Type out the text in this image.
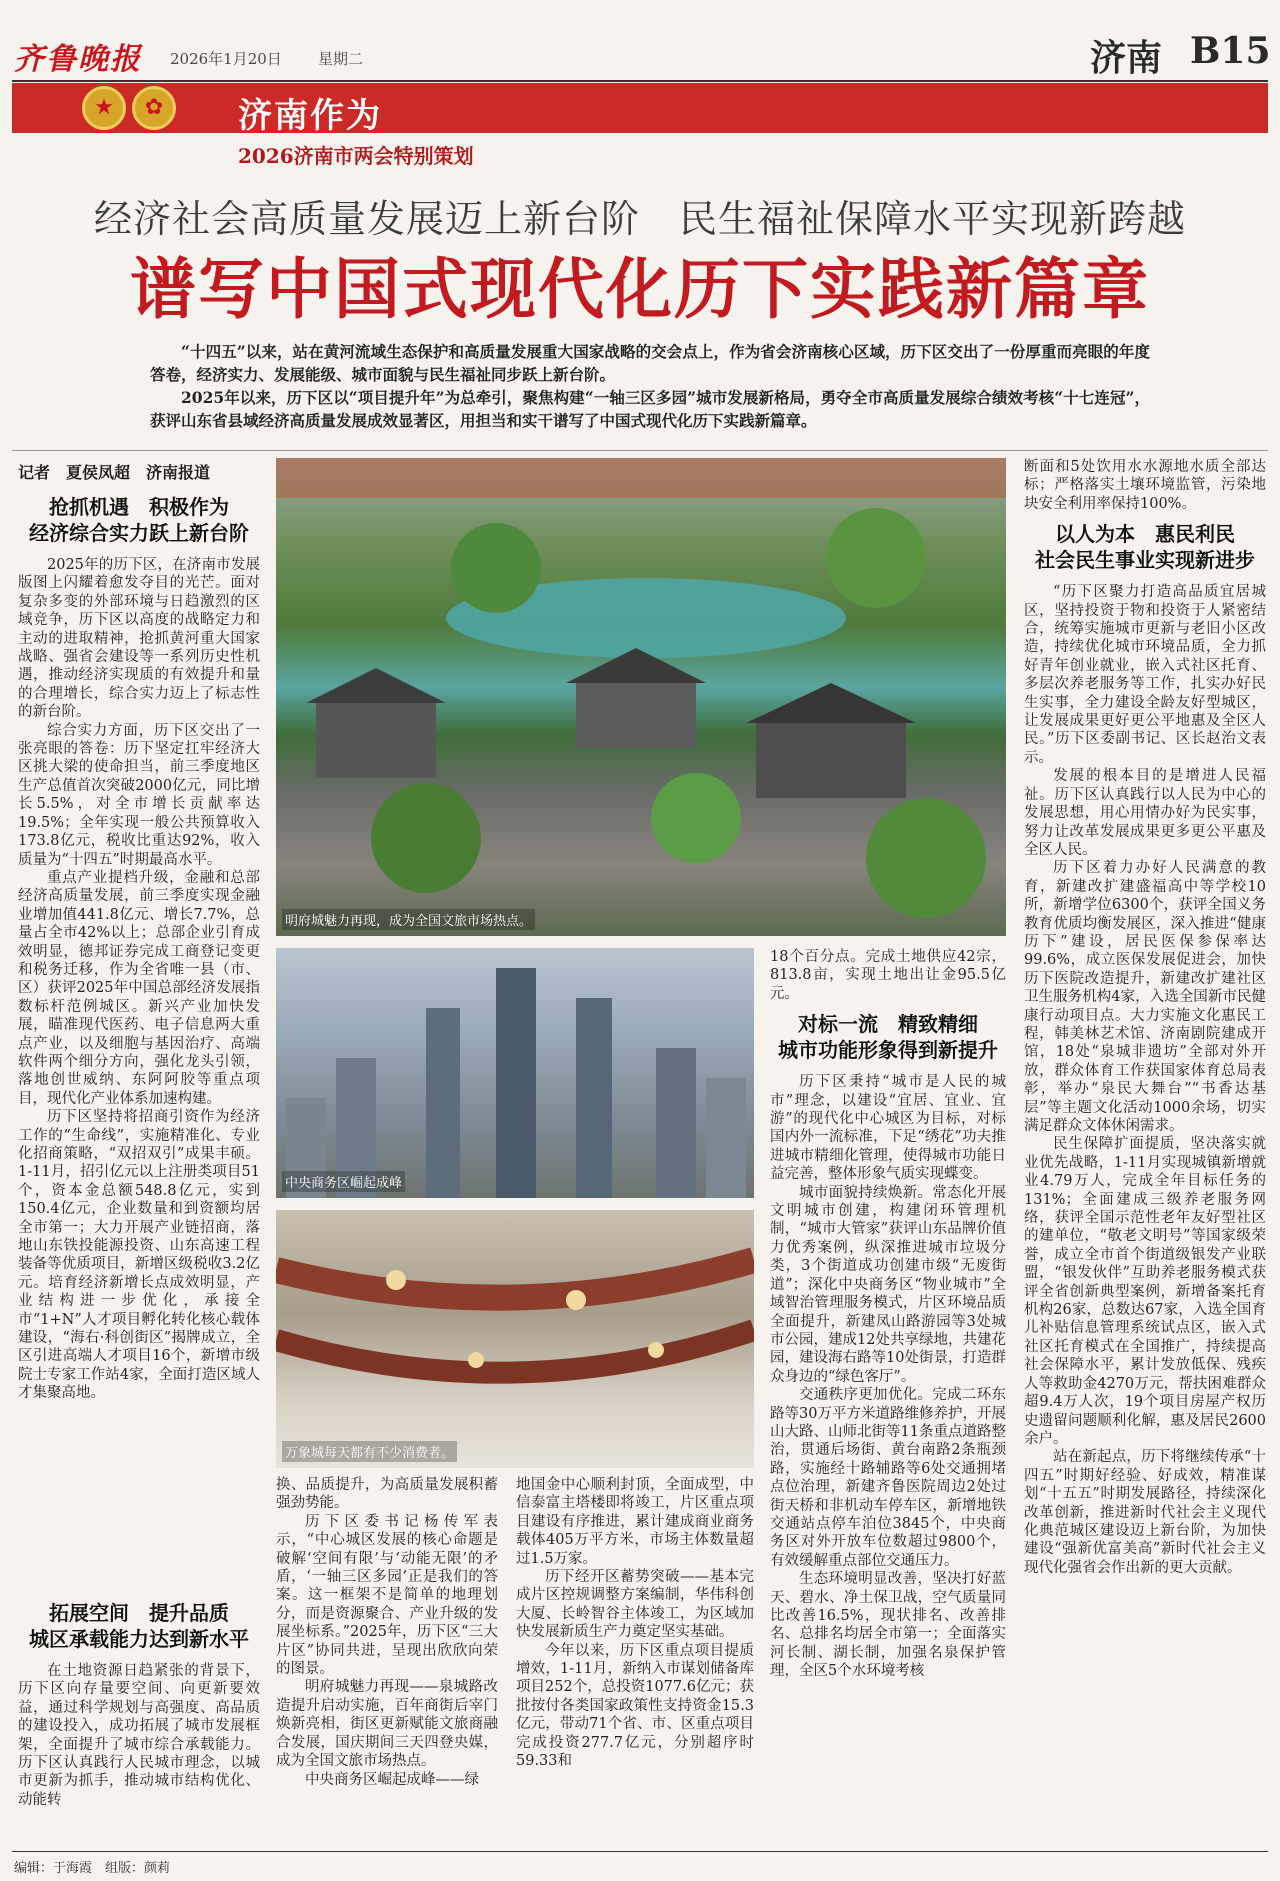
齐鲁晚报 2026年1月20日 星期二	济南 B15
★	✿ 济南作为
2026济南市两会特别策划
经济社会高质量发展迈上新台阶　民生福祉保障水平实现新跨越
谱写中国式现代化历下实践新篇章

“十四五”以来，站在黄河流域生态保护和高质量发展重大国家战略的交会点上，作为省会济南核心区域，历下区交出了一份厚重而亮眼的年度答卷，经济实力、发展能级、城市面貌与民生福祉同步跃上新台阶。

2025年以来，历下区以“项目提升年”为总牵引，聚焦构建“一轴三区多园”城市发展新格局，勇夺全市高质量发展综合绩效考核“十七连冠”，获评山东省县域经济高质量发展成效显著区，用担当和实干谱写了中国式现代化历下实践新篇章。

记者　夏侯凤超　济南报道

抢抓机遇　积极作为
经济综合实力跃上新台阶

2025年的历下区，在济南市发展版图上闪耀着愈发夺目的光芒。面对复杂多变的外部环境与日趋激烈的区域竞争，历下区以高度的战略定力和主动的进取精神，抢抓黄河重大国家战略、强省会建设等一系列历史性机遇，推动经济实现质的有效提升和量的合理增长，综合实力迈上了标志性的新台阶。

综合实力方面，历下区交出了一张亮眼的答卷：历下坚定扛牢经济大区挑大梁的使命担当，前三季度地区生产总值首次突破2000亿元，同比增长5.5%，对全市增长贡献率达19.5%；全年实现一般公共预算收入173.8亿元，税收比重达92%，收入质量为“十四五”时期最高水平。

重点产业提档升级，金融和总部经济高质量发展，前三季度实现金融业增加值441.8亿元、增长7.7%，总量占全市42%以上；总部企业引育成效明显，德邦证券完成工商登记变更和税务迁移，作为全省唯一县（市、区）获评2025年中国总部经济发展指数标杆范例城区。新兴产业加快发展，瞄准现代医药、电子信息两大重点产业，以及细胞与基因治疗、高端软件两个细分方向，强化龙头引领，落地创世威纳、东阿阿胶等重点项目，现代化产业体系加速构建。

历下区坚持将招商引资作为经济工作的“生命线”，实施精准化、专业化招商策略，“双招双引”成果丰硕。1-11月，招引亿元以上注册类项目51个，资本金总额548.8亿元，实到150.4亿元，企业数量和到资额均居全市第一；大力开展产业链招商，落地山东铁投能源投资、山东高速工程装备等优质项目，新增区级税收3.2亿元。培育经济新增长点成效明显，产业结构进一步优化，承接全市“1+N”人才项目孵化转化核心载体建设，“海右·科创街区”揭牌成立，全区引进高端人才项目16个，新增市级院士专家工作站4家，全面打造区域人才集聚高地。

拓展空间　提升品质
城区承载能力达到新水平

在土地资源日趋紧张的背景下，历下区向存量要空间、向更新要效益，通过科学规划与高强度、高品质的建设投入，成功拓展了城市发展框架，全面提升了城市综合承载能力。历下区认真践行人民城市理念，以城市更新为抓手，推动城市结构优化、动能转

明府城魅力再现，成为全国文旅市场热点。
中央商务区崛起成峰
万象城每天都有不少消费者。

换、品质提升，为高质量发展积蓄强劲势能。

历下区委书记杨传军表示，“中心城区发展的核心命题是破解‘空间有限’与‘动能无限’的矛盾，‘一轴三区多园’正是我们的答案。这一框架不是简单的地理划分，而是资源聚合、产业升级的发展坐标系。”2025年，历下区“三大片区”协同共进，呈现出欣欣向荣的图景。

明府城魅力再现——泉城路改造提升启动实施，百年商街后宰门焕新亮相，街区更新赋能文旅商融合发展，国庆期间三天四登央媒，成为全国文旅市场热点。

中央商务区崛起成峰——绿

地国金中心顺利封顶，全面成型，中信泰富主塔楼即将竣工，片区重点项目建设有序推进，累计建成商业商务载体405万平方米，市场主体数量超过1.5万家。

历下经开区蓄势突破——基本完成片区控规调整方案编制，华伟科创大厦、长岭智谷主体竣工，为区域加快发展新质生产力奠定坚实基础。

今年以来，历下区重点项目提质增效，1-11月，新纳入市谋划储备库项目252个，总投资1077.6亿元；获批按付各类国家政策性支持资金15.3亿元，带动71个省、市、区重点项目完成投资277.7亿元，分别超序时59.33和

18个百分点。完成土地供应42宗，813.8亩，实现土地出让金95.5亿元。

对标一流　精致精细
城市功能形象得到新提升

历下区秉持“城市是人民的城市”理念，以建设“宜居、宜业、宜游”的现代化中心城区为目标，对标国内外一流标准，下足“绣花”功夫推进城市精细化管理，使得城市功能日益完善，整体形象气质实现蝶变。

城市面貌持续焕新。常态化开展文明城市创建，构建闭环管理机制，“城市大管家”获评山东品牌价值力优秀案例，纵深推进城市垃圾分类，3个街道成功创建市级“无废街道”；深化中央商务区“物业城市”全域智治管理服务模式，片区环境品质全面提升，新建凤山路游园等3处城市公园，建成12处共享绿地，共建花园，建设海右路等10处街景，打造群众身边的“绿色客厅”。

交通秩序更加优化。完成二环东路等30万平方米道路维修养护，开展山大路、山师北街等11条重点道路整治，贯通后场街、黄台南路2条瓶颈路，实施经十路辅路等6处交通拥堵点位治理，新建齐鲁医院周边2处过街天桥和非机动车停车区，新增地铁交通站点停车泊位3845个，中央商务区对外开放车位数超过9800个，有效缓解重点部位交通压力。

生态环境明显改善，坚决打好蓝天、碧水、净土保卫战，空气质量同比改善16.5%，现状排名、改善排名、总排名均居全市第一；全面落实河长制、湖长制，加强名泉保护管理，全区5个水环境考核

断面和5处饮用水水源地水质全部达标；严格落实土壤环境监管，污染地块安全利用率保持100%。

以人为本　惠民利民
社会民生事业实现新进步

“历下区聚力打造高品质宜居城区，坚持投资于物和投资于人紧密结合，统筹实施城市更新与老旧小区改造，持续优化城市环境品质，全力抓好青年创业就业，嵌入式社区托育、多层次养老服务等工作，扎实办好民生实事，全力建设全龄友好型城区，让发展成果更好更公平地惠及全区人民。”历下区委副书记、区长赵治文表示。

发展的根本目的是增进人民福祉。历下区认真践行以人民为中心的发展思想，用心用情办好为民实事，努力让改革发展成果更多更公平惠及全区人民。

历下区着力办好人民满意的教育，新建改扩建盛福高中等学校10所，新增学位6300个，获评全国义务教育优质均衡发展区，深入推进“健康历下”建设，居民医保参保率达99.6%，成立医保发展促进会，加快历下医院改造提升，新建改扩建社区卫生服务机构4家，入选全国新市民健康行动项目点。大力实施文化惠民工程，韩美林艺术馆、济南剧院建成开馆，18处“泉城非遗坊”全部对外开放，群众体育工作获国家体育总局表彰，举办“泉民大舞台”“书香达基层”等主题文化活动1000余场，切实满足群众文体休闲需求。

民生保障扩面提质，坚决落实就业优先战略，1-11月实现城镇新增就业4.79万人，完成全年目标任务的131%；全面建成三级养老服务网络，获评全国示范性老年友好型社区的建单位，“敬老文明号”等国家级荣誉，成立全市首个街道级银发产业联盟，“银发伙伴”互助养老服务模式获评全省创新典型案例，新增备案托育机构26家，总数达67家，入选全国育儿补贴信息管理系统试点区，嵌入式社区托育模式在全国推广，持续提高社会保障水平，累计发放低保、残疾人等救助金4270万元，帮扶困难群众超9.4万人次，19个项目房屋产权历史遗留问题顺利化解，惠及居民2600余户。

站在新起点，历下将继续传承“十四五”时期好经验、好成效，精准谋划“十五五”时期发展路径，持续深化改革创新，推进新时代社会主义现代化典范城区建设迈上新台阶，为加快建设“强新优富美高”新时代社会主义现代化强省会作出新的更大贡献。

编辑：于海霞　组版：颜莉
